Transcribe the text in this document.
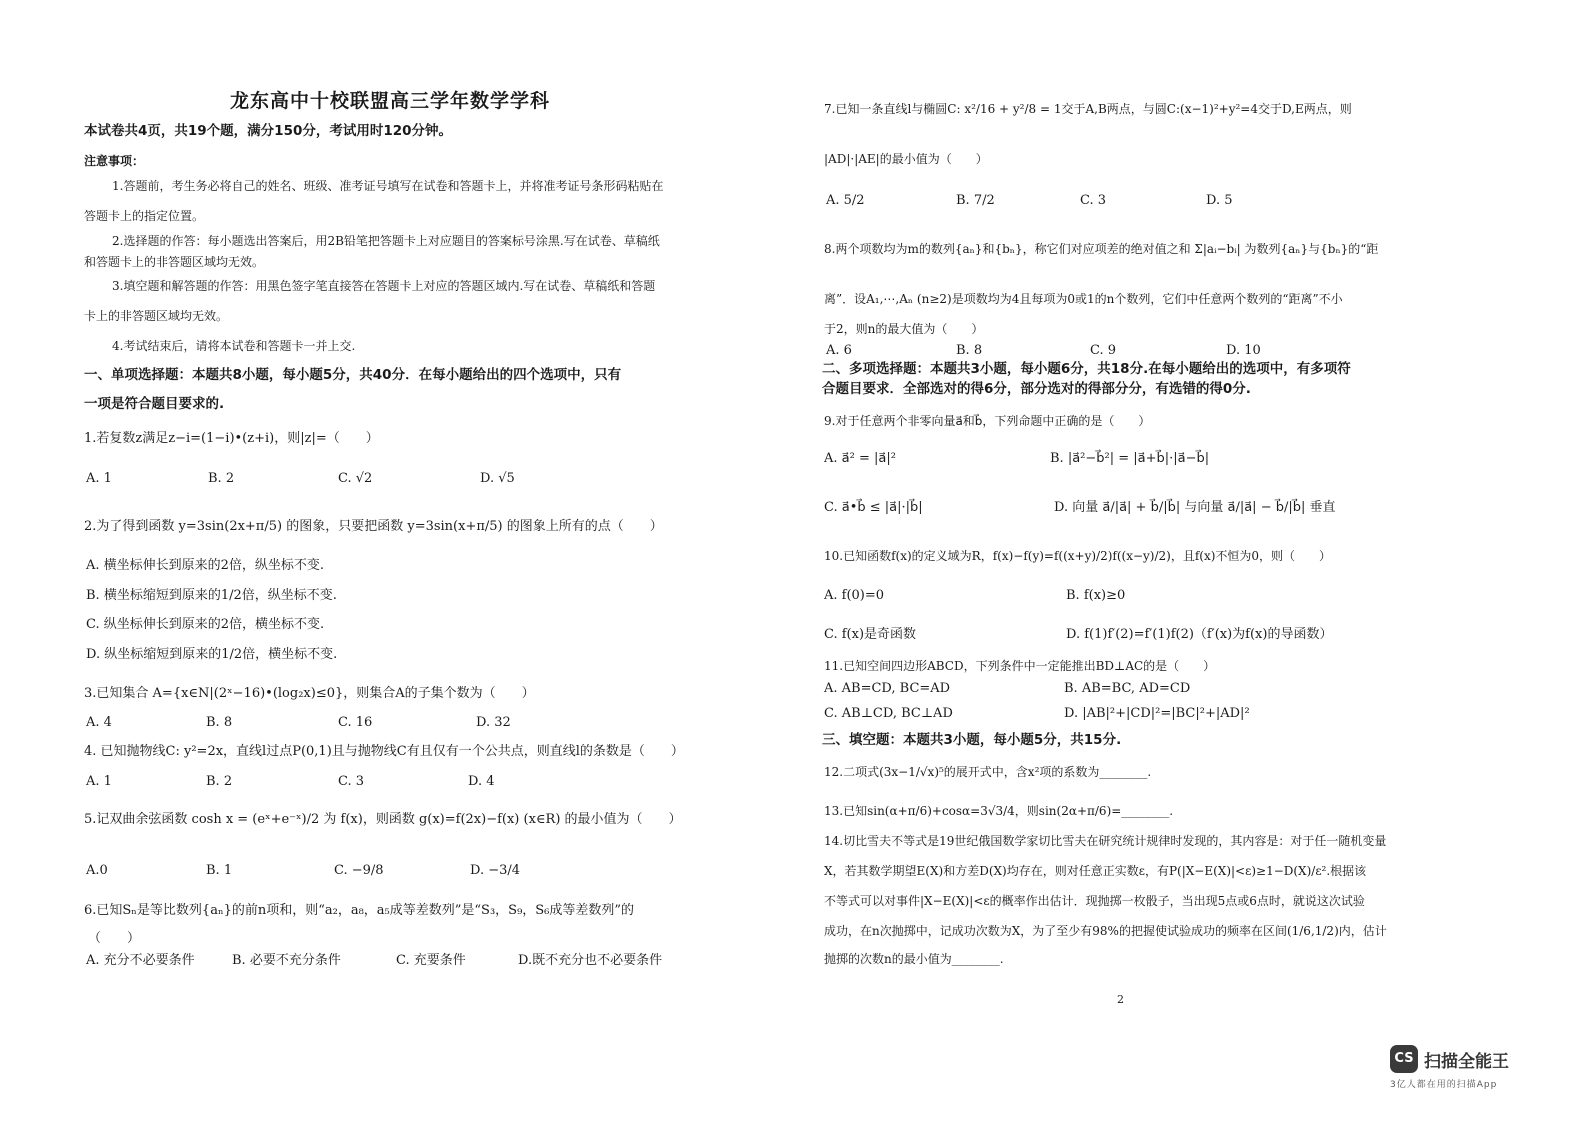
龙东高中十校联盟高三学年数学学科
本试卷共4页，共19个题，满分150分，考试用时120分钟。
注意事项：
1.答题前，考生务必将自己的姓名、班级、准考证号填写在试卷和答题卡上，并将准考证号条形码粘贴在
答题卡上的指定位置。
2.选择题的作答：每小题选出答案后，用2B铅笔把答题卡上对应题目的答案标号涂黑.写在试卷、草稿纸
和答题卡上的非答题区域均无效。
3.填空题和解答题的作答：用黑色签字笔直接答在答题卡上对应的答题区域内.写在试卷、草稿纸和答题
卡上的非答题区域均无效。
4.考试结束后，请将本试卷和答题卡一并上交.
一、单项选择题：本题共8小题，每小题5分，共40分．在每小题给出的四个选项中，只有
一项是符合题目要求的.
1.若复数z满足z−i=(1−i)•(z+i)，则|z|=（　　）
A. 1	B. 2	C. √2	D. √5
2.为了得到函数 y=3sin(2x+π/5) 的图象，只要把函数 y=3sin(x+π/5) 的图象上所有的点（　　）
A. 横坐标伸长到原来的2倍，纵坐标不变.
B. 横坐标缩短到原来的1/2倍，纵坐标不变.
C. 纵坐标伸长到原来的2倍，横坐标不变.
D. 纵坐标缩短到原来的1/2倍，横坐标不变.
3.已知集合 A={x∈N|(2ˣ−16)•(log₂x)≤0}，则集合A的子集个数为（　　）
A. 4	B. 8	C. 16	D. 32
4. 已知抛物线C: y²=2x，直线l过点P(0,1)且与抛物线C有且仅有一个公共点，则直线l的条数是（　　）
A. 1	B. 2	C. 3	D. 4
5.记双曲余弦函数 cosh x = (eˣ+e⁻ˣ)/2 为 f(x)，则函数 g(x)=f(2x)−f(x) (x∈R) 的最小值为（　　）
A.0	B. 1	C. −9/8	D. −3/4
6.已知Sₙ是等比数列{aₙ}的前n项和，则“a₂，a₈，a₅成等差数列”是“S₃，S₉，S₆成等差数列”的
（　　）
A. 充分不必要条件	B. 必要不充分条件	C. 充要条件	D.既不充分也不必要条件
7.已知一条直线l与椭圆C: x²/16 + y²/8 = 1交于A,B两点，与圆C:(x−1)²+y²=4交于D,E两点，则
|AD|·|AE|的最小值为（　　）
A. 5/2	B. 7/2	C. 3	D. 5
8.两个项数均为m的数列{aₙ}和{bₙ}，称它们对应项差的绝对值之和 Σ|aᵢ−bᵢ| 为数列{aₙ}与{bₙ}的“距
离”．设A₁,⋯,Aₙ (n≥2)是项数均为4且每项为0或1的n个数列，它们中任意两个数列的“距离”不小
于2，则n的最大值为（　　）
A. 6	B. 8	C. 9	D. 10
二、多项选择题：本题共3小题，每小题6分，共18分.在每小题给出的选项中，有多项符
合题目要求．全部选对的得6分，部分选对的得部分分，有选错的得0分.
9.对于任意两个非零向量a⃗和b⃗，下列命题中正确的是（　　）
A. a⃗² = |a⃗|²	B. |a⃗²−b⃗²| = |a⃗+b⃗|·|a⃗−b⃗|
C. a⃗•b⃗ ≤ |a⃗|·|b⃗|	D. 向量 a⃗/|a⃗| + b⃗/|b⃗| 与向量 a⃗/|a⃗| − b⃗/|b⃗| 垂直
10.已知函数f(x)的定义域为R，f(x)−f(y)=f((x+y)/2)f((x−y)/2)，且f(x)不恒为0，则（　　）
A. f(0)=0	B. f(x)≥0
C. f(x)是奇函数	D. f(1)f′(2)=f′(1)f(2)（f′(x)为f(x)的导函数）
11.已知空间四边形ABCD，下列条件中一定能推出BD⊥AC的是（　　）
A. AB=CD, BC=AD	B. AB=BC, AD=CD
C. AB⊥CD, BC⊥AD	D. |AB|²+|CD|²=|BC|²+|AD|²
三、填空题：本题共3小题，每小题5分，共15分.
12.二项式(3x−1/√x)⁵的展开式中，含x²项的系数为________.
13.已知sin(α+π/6)+cosα=3√3/4，则sin(2α+π/6)=________.
14.切比雪夫不等式是19世纪俄国数学家切比雪夫在研究统计规律时发现的，其内容是：对于任一随机变量
X，若其数学期望E(X)和方差D(X)均存在，则对任意正实数ε，有P(|X−E(X)|<ε)≥1−D(X)/ε².根据该
不等式可以对事件|X−E(X)|<ε的概率作出估计．现抛掷一枚骰子，当出现5点或6点时，就说这次试验
成功，在n次抛掷中，记成功次数为X，为了至少有98%的把握使试验成功的频率在区间(1/6,1/2)内，估计
抛掷的次数n的最小值为________.
2
CS 扫描全能王
3亿人都在用的扫描App
